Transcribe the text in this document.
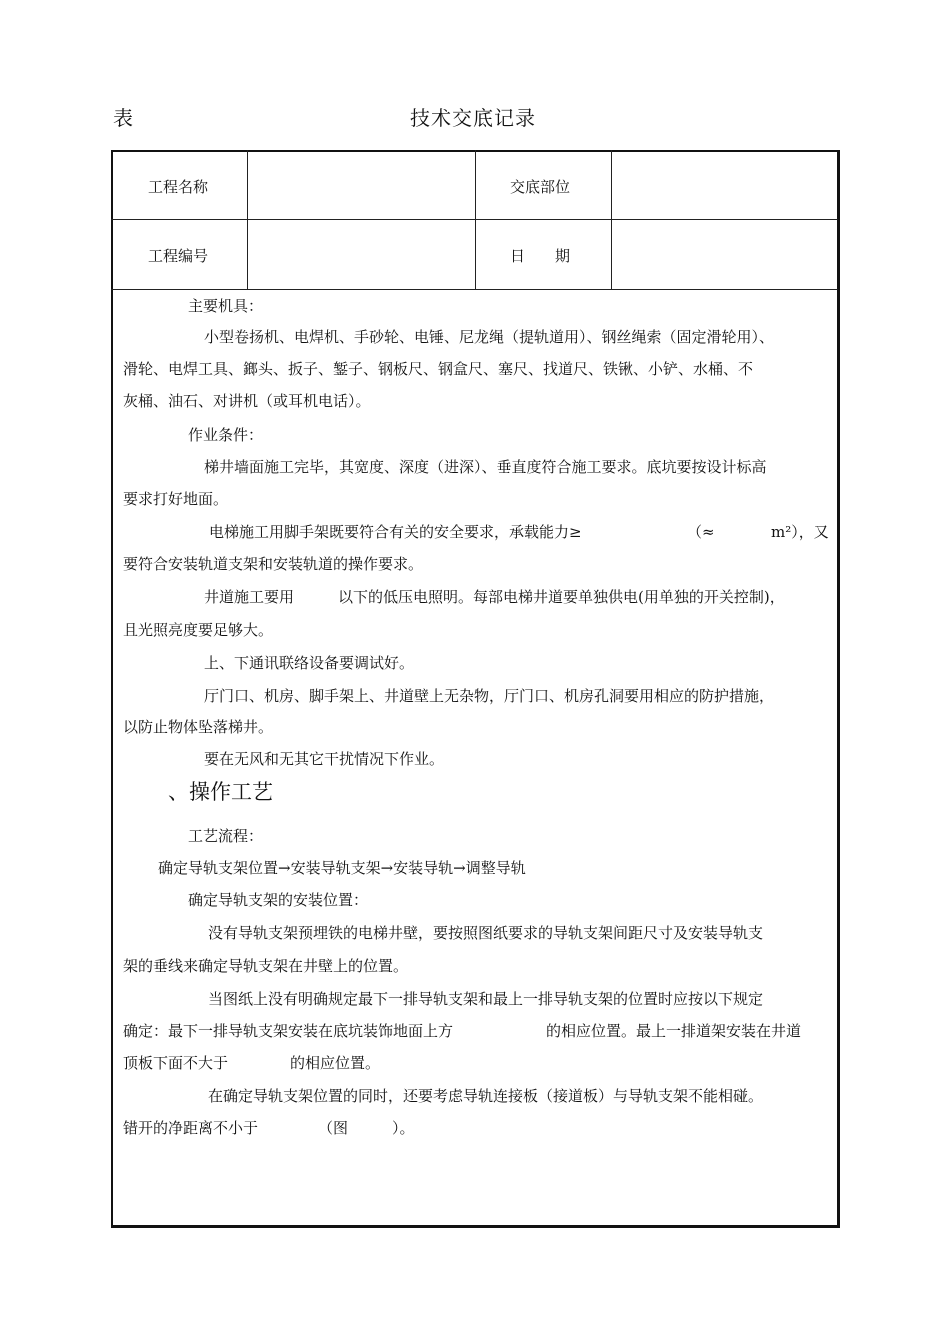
表	技术交底记录
工程名称	交底部位
工程编号	日  期
主要机具：
小型卷扬机、电焊机、手砂轮、电锤、尼龙绳（提轨道用）、钢丝绳索（固定滑轮用）、
滑轮、电焊工具、鎯头、扳子、錾子、钢板尺、钢盒尺、塞尺、找道尺、铁锹、小铲、水桶、不
灰桶、油石、对讲机（或耳机电话）。
作业条件：
梯井墙面施工完毕，其宽度、深度（进深）、垂直度符合施工要求。底坑要按设计标高
要求打好地面。
电梯施工用脚手架既要符合有关的安全要求，承载能力≥	（≈	m²），又
要符合安装轨道支架和安装轨道的操作要求。
井道施工要用	以下的低压电照明。每部电梯井道要单独供电(用单独的开关控制)，
且光照亮度要足够大。
上、下通讯联络设备要调试好。
厅门口、机房、脚手架上、井道壁上无杂物，厅门口、机房孔洞要用相应的防护措施，
以防止物体坠落梯井。
要在无风和无其它干扰情况下作业。
、操作工艺
工艺流程：
确定导轨支架位置→安装导轨支架→安装导轨→调整导轨
确定导轨支架的安装位置：
没有导轨支架预埋铁的电梯井壁，要按照图纸要求的导轨支架间距尺寸及安装导轨支
架的垂线来确定导轨支架在井壁上的位置。
当图纸上没有明确规定最下一排导轨支架和最上一排导轨支架的位置时应按以下规定
确定：最下一排导轨支架安装在底坑装饰地面上方	的相应位置。最上一排道架安装在井道
顶板下面不大于	的相应位置。
在确定导轨支架位置的同时，还要考虑导轨连接板（接道板）与导轨支架不能相碰。
错开的净距离不小于	（图	）。
